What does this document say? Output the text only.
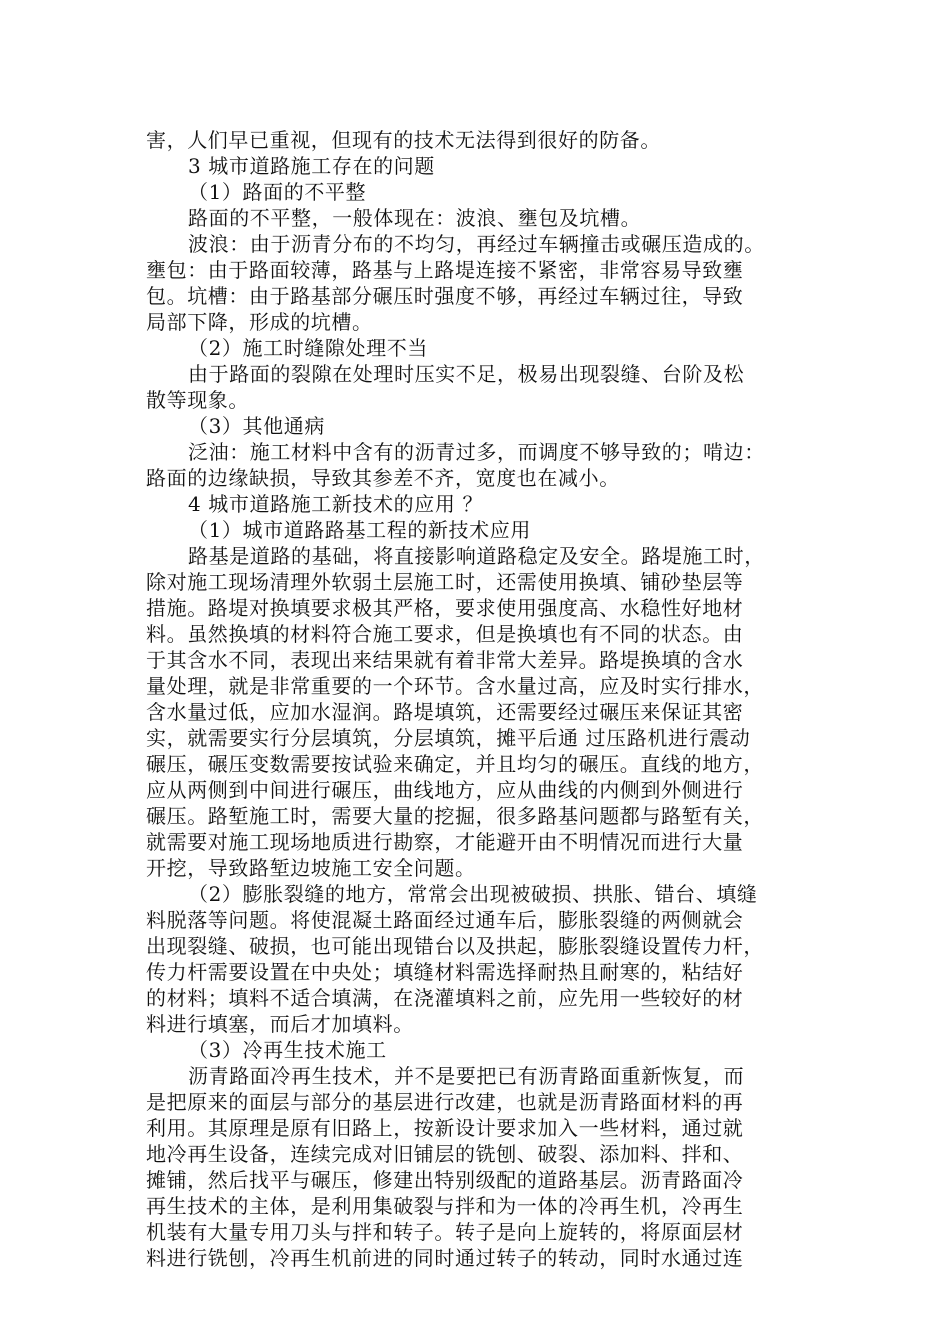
害，人们早已重视，但现有的技术无法得到很好的防备。
3 城市道路施工存在的问题
（1）路面的不平整
路面的不平整，一般体现在：波浪、壅包及坑槽。
波浪：由于沥青分布的不均匀，再经过车辆撞击或碾压造成的。
壅包：由于路面较薄，路基与上路堤连接不紧密，非常容易导致壅
包。坑槽：由于路基部分碾压时强度不够，再经过车辆过往，导致
局部下降，形成的坑槽。
（2）施工时缝隙处理不当
由于路面的裂隙在处理时压实不足，极易出现裂缝、台阶及松
散等现象。
（3）其他通病
泛油：施工材料中含有的沥青过多，而调度不够导致的；啃边：
路面的边缘缺损，导致其参差不齐，宽度也在减小。
4 城市道路施工新技术的应用 ？
（1）城市道路路基工程的新技术应用
路基是道路的基础，将直接影响道路稳定及安全。路堤施工时，
除对施工现场清理外软弱土层施工时，还需使用换填、铺砂垫层等
措施。路堤对换填要求极其严格，要求使用强度高、水稳性好地材
料。虽然换填的材料符合施工要求，但是换填也有不同的状态。由
于其含水不同，表现出来结果就有着非常大差异。路堤换填的含水
量处理，就是非常重要的一个环节。含水量过高，应及时实行排水，
含水量过低，应加水湿润。路堤填筑，还需要经过碾压来保证其密
实，就需要实行分层填筑，分层填筑，摊平后通 过压路机进行震动
碾压，碾压变数需要按试验来确定，并且均匀的碾压。直线的地方，
应从两侧到中间进行碾压，曲线地方，应从曲线的内侧到外侧进行
碾压。路堑施工时，需要大量的挖掘，很多路基问题都与路堑有关，
就需要对施工现场地质进行勘察，才能避开由不明情况而进行大量
开挖，导致路堑边坡施工安全问题。
（2）膨胀裂缝的地方，常常会出现被破损、拱胀、错台、填缝
料脱落等问题。将使混凝土路面经过通车后，膨胀裂缝的两侧就会
出现裂缝、破损，也可能出现错台以及拱起，膨胀裂缝设置传力杆，
传力杆需要设置在中央处；填缝材料需选择耐热且耐寒的，粘结好
的材料；填料不适合填满，在浇灌填料之前，应先用一些较好的材
料进行填塞，而后才加填料。
（3）冷再生技术施工
沥青路面冷再生技术，并不是要把已有沥青路面重新恢复，而
是把原来的面层与部分的基层进行改建，也就是沥青路面材料的再
利用。其原理是原有旧路上，按新设计要求加入一些材料，通过就
地冷再生设备，连续完成对旧铺层的铣刨、破裂、添加料、拌和、
摊铺，然后找平与碾压，修建出特别级配的道路基层。沥青路面冷
再生技术的主体，是利用集破裂与拌和为一体的冷再生机，冷再生
机装有大量专用刀头与拌和转子。转子是向上旋转的，将原面层材
料进行铣刨，冷再生机前进的同时通过转子的转动，同时水通过连
